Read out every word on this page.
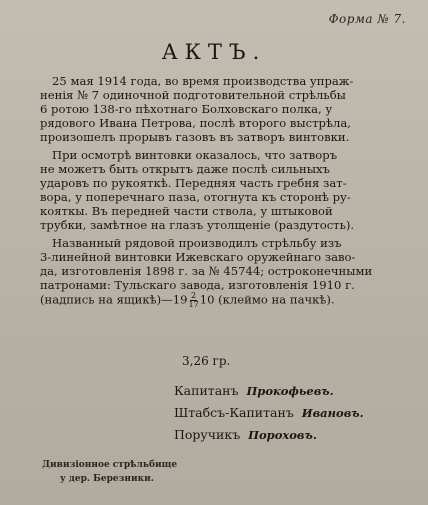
Форма № 7.
АКТЪ.
25 мая 1914 года, во время производства упраж-
ненія № 7 одиночной подготовительной стрѣльбы
6 ротою 138-го пѣхотнаго Болховскаго полка, у
рядового Ивана Петрова, послѣ второго выстрѣла,
произошелъ прорывъ газовъ въ затворъ винтовки.
При осмотрѣ винтовки оказалось, что затворъ
не можетъ быть открытъ даже послѣ сильныхъ
ударовъ по рукояткѣ. Передняя часть гребня зат-
вора, у поперечнаго паза, отогнута къ сторонѣ ру-
кояткы. Въ передней части ствола, у штыковой
трубки, замѣтное на глазъ утолщеніе (раздутость).
Названный рядовой производилъ стрѣльбу изъ
3-линейной винтовки Ижевскаго оружейнаго заво-
да, изготовленія 1898 г. за № 45744; остроконечными
патронами: Тульскаго завода, изготовленія 1910 г.
(надпись на ящикѣ)—19 $\frac{2}{17} 10$ (клеймо на пачкѣ).
3,26 гр.
Капитанъ Прокофьевъ.
Штабсъ-Капитанъ Ивановъ.
Поручикъ Пороховъ.
Дивизіонное стрѣльбище
у дер. Березники.
